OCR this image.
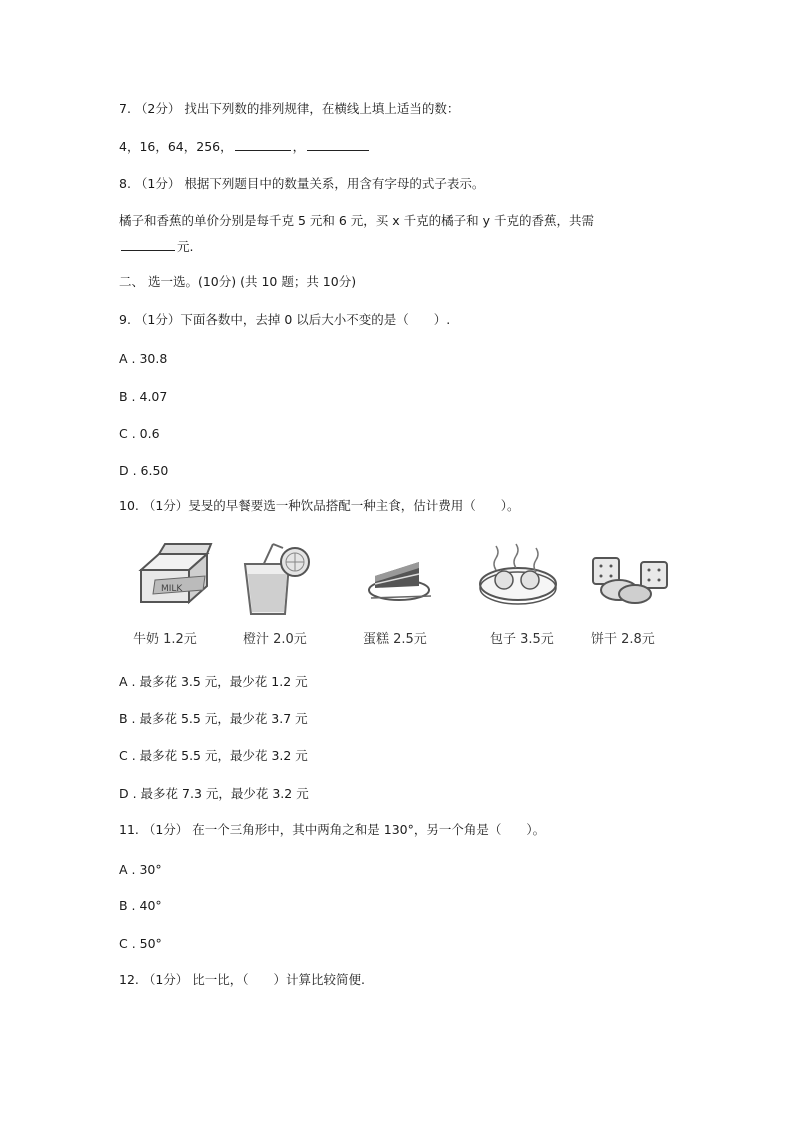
7. （2分） 找出下列数的排列规律，在横线上填上适当的数：
4，16，64，256，	，
8. （1分） 根据下列题目中的数量关系，用含有字母的式子表示。
橘子和香蕉的单价分别是每千克 5 元和 6 元，买 x 千克的橘子和 y 千克的香蕉，共需
元.
二、 选一选。(10分) (共 10 题；共 10分)
9. （1分）下面各数中，去掉 0 以后大小不变的是（　　）.
A . 30.8
B . 4.07
C . 0.6
D . 6.50
10. （1分）旻旻的早餐要选一种饮品搭配一种主食，估计费用（　　）。
MILK
牛奶 1.2元	橙汁 2.0元	蛋糕 2.5元	包子 3.5元	饼干 2.8元
A . 最多花 3.5 元，最少花 1.2 元
B . 最多花 5.5 元，最少花 3.7 元
C . 最多花 5.5 元，最少花 3.2 元
D . 最多花 7.3 元，最少花 3.2 元
11. （1分） 在一个三角形中，其中两角之和是 130°，另一个角是（　　）。
A . 30°
B . 40°
C . 50°
12. （1分） 比一比，（　　）计算比较简便.
